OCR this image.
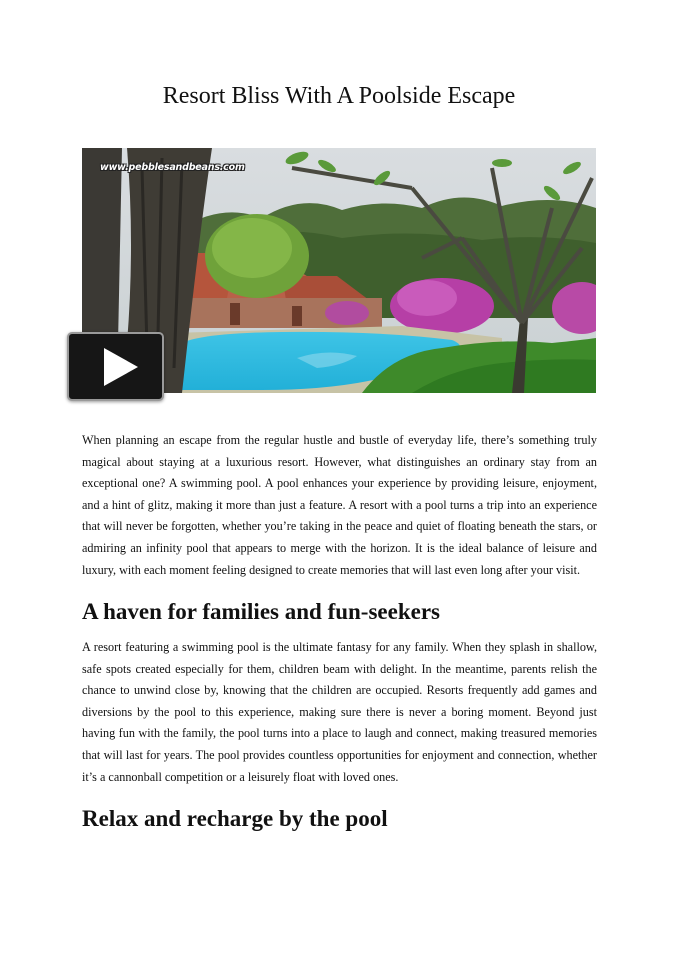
Resort Bliss With A Poolside Escape
www.pebblesandbeans.com

When planning an escape from the regular hustle and bustle of everyday life, there’s something truly magical about staying at a luxurious resort. However, what distinguishes an ordinary stay from an exceptional one? A swimming pool. A pool enhances your experience by providing leisure, enjoyment, and a hint of glitz, making it more than just a feature. A resort with a pool turns a trip into an experience that will never be forgotten, whether you’re taking in the peace and quiet of floating beneath the stars, or admiring an infinity pool that appears to merge with the horizon. It is the ideal balance of leisure and luxury, with each moment feeling designed to create memories that will last even long after your visit.

A haven for families and fun-seekers

A resort featuring a swimming pool is the ultimate fantasy for any family. When they splash in shallow, safe spots created especially for them, children beam with delight. In the meantime, parents relish the chance to unwind close by, knowing that the children are occupied. Resorts frequently add games and diversions by the pool to this experience, making sure there is never a boring moment. Beyond just having fun with the family, the pool turns into a place to laugh and connect, making treasured memories that will last for years. The pool provides countless opportunities for enjoyment and connection, whether it’s a cannonball competition or a leisurely float with loved ones.

Relax and recharge by the pool
